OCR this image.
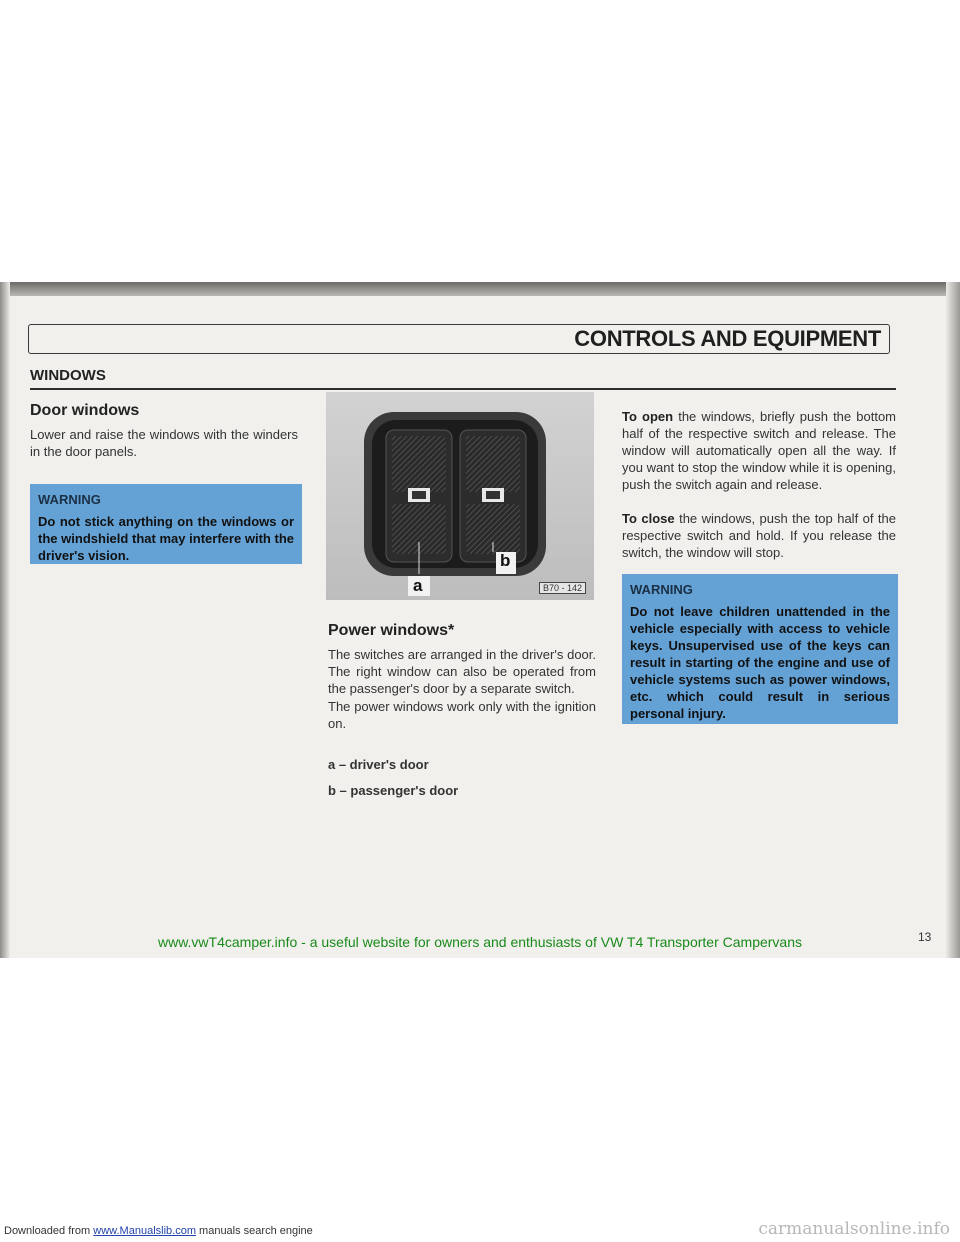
CONTROLS AND EQUIPMENT
WINDOWS
Door windows

Lower and raise the windows with the winders in the door panels.

WARNING

Do not stick anything on the windows or the windshield that may interfere with the driver's vision.

a
b
B70 - 142
Power windows*

The switches are arranged in the driver's door. The right window can also be operated from the passenger's door by a separate switch.

The power windows work only with the ignition on.

a – driver's door

b – passenger's door

To open the windows, briefly push the bottom half of the respective switch and release. The window will automatically open all the way. If you want to stop the window while it is opening, push the switch again and release.

To close the windows, push the top half of the respective switch and hold. If you release the switch, the window will stop.

WARNING

Do not leave children unattended in the vehicle especially with access to vehicle keys. Unsupervised use of the keys can result in starting of the engine and use of vehicle systems such as power windows, etc. which could result in serious personal injury.

13
www.vwT4camper.info - a useful website for owners and enthusiasts of VW T4 Transporter Campervans
Downloaded from www.Manualslib.com manuals search engine	carmanualsonline.info
